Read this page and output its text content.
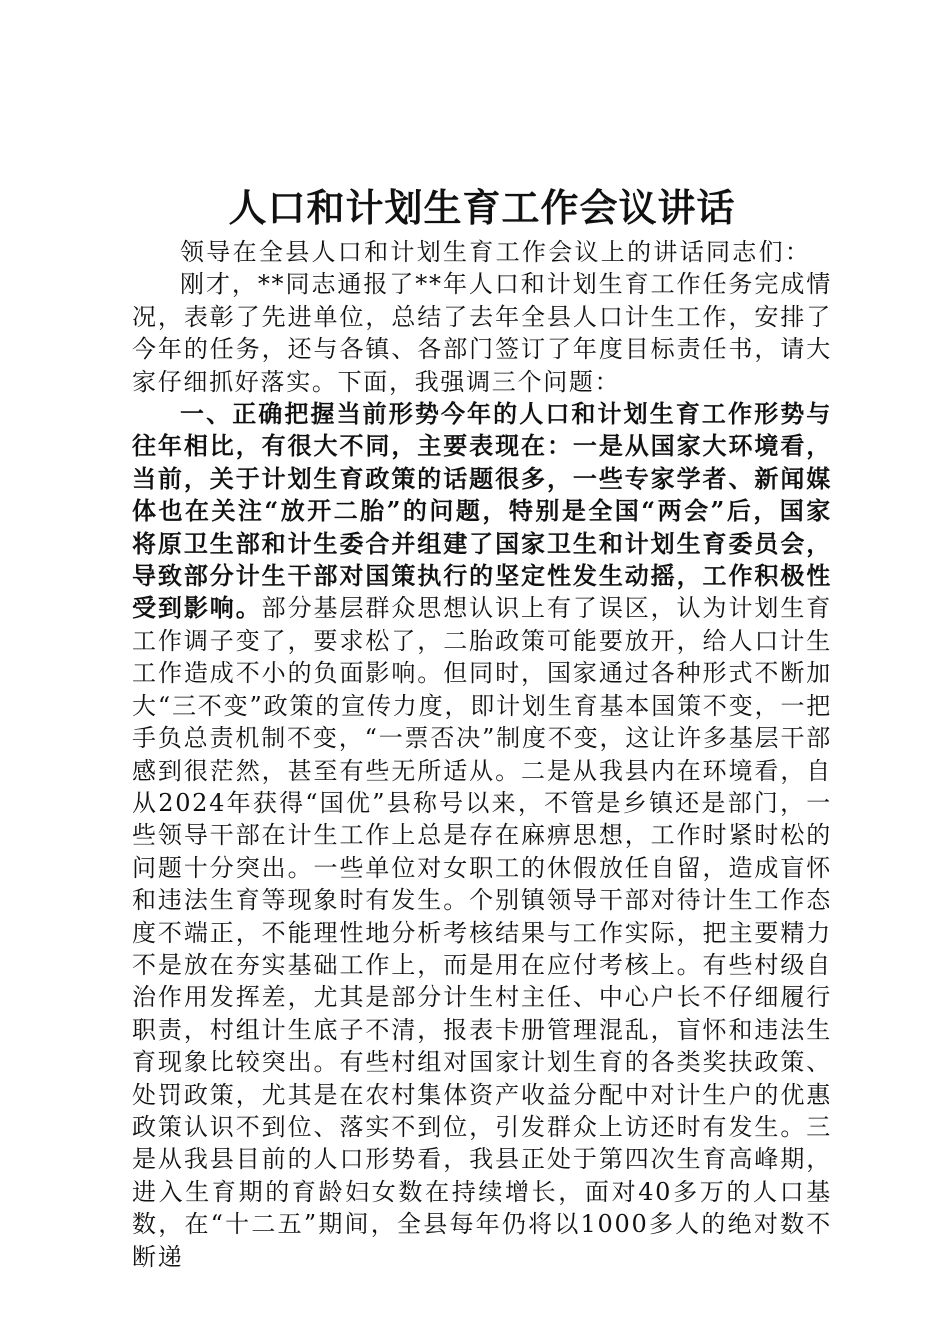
人口和计划生育工作会议讲话

领导在全县人口和计划生育工作会议上的讲话同志们：

刚才，**同志通报了**年人口和计划生育工作任务完成情况，表彰了先进单位，总结了去年全县人口计生工作，安排了今年的任务，还与各镇、各部门签订了年度目标责任书，请大家仔细抓好落实。下面，我强调三个问题：

一、正确把握当前形势今年的人口和计划生育工作形势与往年相比，有很大不同，主要表现在：一是从国家大环境看，当前，关于计划生育政策的话题很多，一些专家学者、新闻媒体也在关注“放开二胎”的问题，特别是全国“两会”后，国家将原卫生部和计生委合并组建了国家卫生和计划生育委员会，导致部分计生干部对国策执行的坚定性发生动摇，工作积极性受到影响。部分基层群众思想认识上有了误区，认为计划生育工作调子变了，要求松了，二胎政策可能要放开，给人口计生工作造成不小的负面影响。但同时，国家通过各种形式不断加大“三不变”政策的宣传力度，即计划生育基本国策不变，一把手负总责机制不变，“一票否决”制度不变，这让许多基层干部感到很茫然，甚至有些无所适从。二是从我县内在环境看，自从2024年获得“国优”县称号以来，不管是乡镇还是部门，一些领导干部在计生工作上总是存在麻痹思想，工作时紧时松的问题十分突出。一些单位对女职工的休假放任自留，造成盲怀和违法生育等现象时有发生。个别镇领导干部对待计生工作态度不端正，不能理性地分析考核结果与工作实际，把主要精力不是放在夯实基础工作上，而是用在应付考核上。有些村级自治作用发挥差，尤其是部分计生村主任、中心户长不仔细履行职责，村组计生底子不清，报表卡册管理混乱，盲怀和违法生育现象比较突出。有些村组对国家计划生育的各类奖扶政策、处罚政策，尤其是在农村集体资产收益分配中对计生户的优惠政策认识不到位、落实不到位，引发群众上访还时有发生。三是从我县目前的人口形势看，我县正处于第四次生育高峰期，进入生育期的育龄妇女数在持续增长，面对40多万的人口基数，在“十二五”期间，全县每年仍将以1000多人的绝对数不断递
